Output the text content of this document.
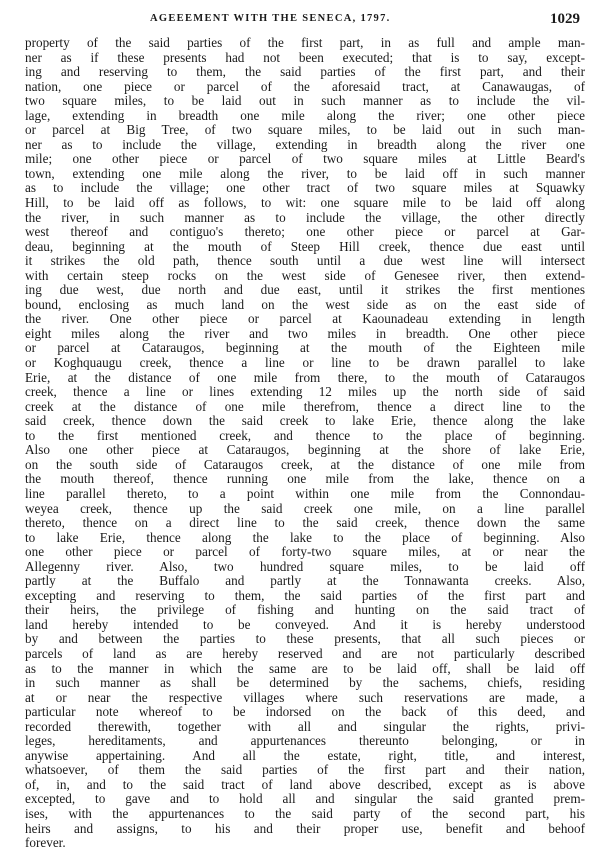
AGEEEMENT WITH THE SENECA, 1797.	1029
property of the said parties of the first part, in as full and ample man-
ner as if these presents had not been executed; that is to say, except-
ing and reserving to them, the said parties of the first part, and their
nation, one piece or parcel of the aforesaid tract, at Canawaugas, of
two square miles, to be laid out in such manner as to include the vil-
lage, extending in breadth one mile along the river; one other piece
or parcel at Big Tree, of two square miles, to be laid out in such man-
ner as to include the village, extending in breadth along the river one
mile; one other piece or parcel of two square miles at Little Beard's
town, extending one mile along the river, to be laid off in such manner
as to include the village; one other tract of two square miles at Squawky
Hill, to be laid off as follows, to wit: one square mile to be laid off along
the river, in such manner as to include the village, the other directly
west thereof and contiguo's thereto; one other piece or parcel at Gar-
deau, beginning at the mouth of Steep Hill creek, thence due east until
it strikes the old path, thence south until a due west line will intersect
with certain steep rocks on the west side of Genesee river, then extend-
ing due west, due north and due east, until it strikes the first mentiones
bound, enclosing as much land on the west side as on the east side of
the river. One other piece or parcel at Kaounadeau extending in length
eight miles along the river and two miles in breadth. One other piece
or parcel at Cataraugos, beginning at the mouth of the Eighteen mile
or Koghquaugu creek, thence a line or line to be drawn parallel to lake
Erie, at the distance of one mile from there, to the mouth of Cataraugos
creek, thence a line or lines extending 12 miles up the north side of said
creek at the distance of one mile therefrom, thence a direct line to the
said creek, thence down the said creek to lake Erie, thence along the lake
to the first mentioned creek, and thence to the place of beginning.
Also one other piece at Cataraugos, beginning at the shore of lake Erie,
on the south side of Cataraugos creek, at the distance of one mile from
the mouth thereof, thence running one mile from the lake, thence on a
line parallel thereto, to a point within one mile from the Connondau-
weyea creek, thence up the said creek one mile, on a line parallel
thereto, thence on a direct line to the said creek, thence down the same
to lake Erie, thence along the lake to the place of beginning. Also
one other piece or parcel of forty-two square miles, at or near the
Allegenny river. Also, two hundred square miles, to be laid off
partly at the Buffalo and partly at the Tonnawanta creeks. Also,
excepting and reserving to them, the said parties of the first part and
their heirs, the privilege of fishing and hunting on the said tract of
land hereby intended to be conveyed. And it is hereby understood
by and between the parties to these presents, that all such pieces or
parcels of land as are hereby reserved and are not particularly described
as to the manner in which the same are to be laid off, shall be laid off
in such manner as shall be determined by the sachems, chiefs, residing
at or near the respective villages where such reservations are made, a
particular note whereof to be indorsed on the back of this deed, and
recorded therewith, together with all and singular the rights, privi-
leges, hereditaments, and appurtenances thereunto belonging, or in
anywise appertaining. And all the estate, right, title, and interest,
whatsoever, of them the said parties of the first part and their nation,
of, in, and to the said tract of land above described, except as is above
excepted, to gave and to hold all and singular the said granted prem-
ises, with the appurtenances to the said party of the second part, his
heirs and assigns, to his and their proper use, benefit and behoof
forever.
